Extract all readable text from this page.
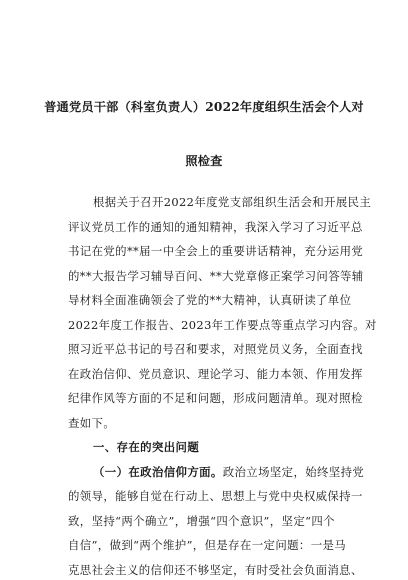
普通党员干部（科室负责人）2022年度组织生活会个人对
照检查
根据关于召开2022年度党支部组织生活会和开展民主
评议党员工作的通知的通知精神，我深入学习了习近平总
书记在党的**届一中全会上的重要讲话精神，充分运用党
的**大报告学习辅导百问、**大党章修正案学习问答等辅
导材料全面准确领会了党的**大精神，认真研读了单位
2022年度工作报告、2023年工作要点等重点学习内容。对
照习近平总书记的号召和要求，对照党员义务，全面查找
在政治信仰、党员意识、理论学习、能力本领、作用发挥
纪律作风等方面的不足和问题，形成问题清单。现对照检
查如下。
一、存在的突出问题
（一）在政治信仰方面。政治立场坚定，始终坚持党
的领导，能够自觉在行动上、思想上与党中央权威保持一
致，坚持“两个确立”，增强“四个意识”，坚定“四个
自信”，做到“两个维护”，但是存在一定问题：一是马
克思社会主义的信仰还不够坚定，有时受社会负面消息、
